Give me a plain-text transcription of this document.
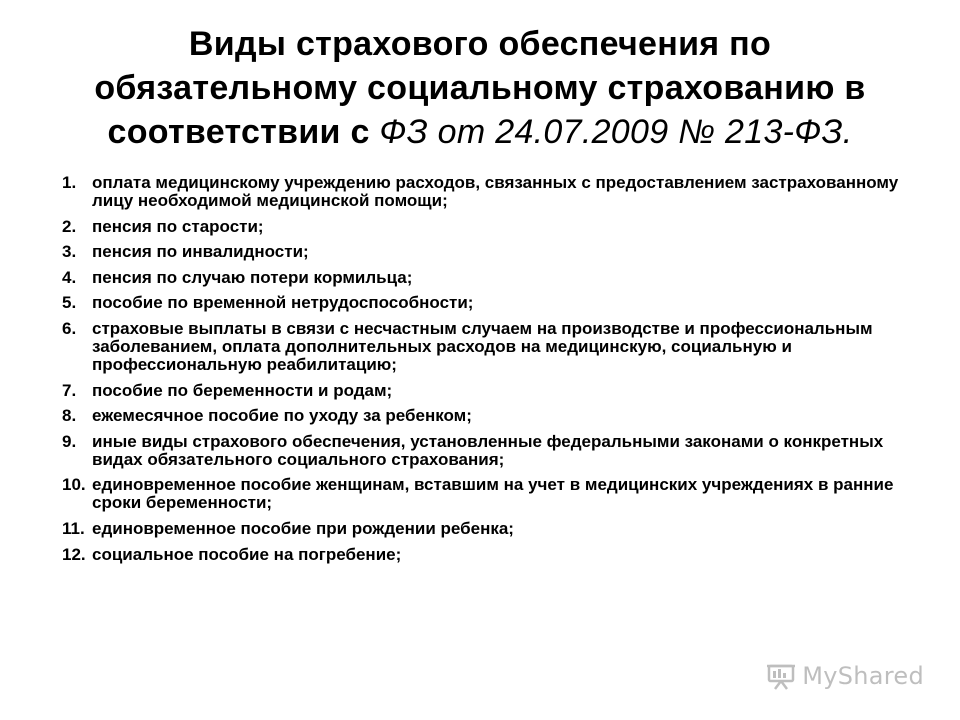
Виды страхового обеспечения по
обязательному социальному страхованию в
соответствии с ФЗ от 24.07.2009 № 213-ФЗ.
1. оплата медицинскому учреждению расходов, связанных с предоставлением застрахованному лицу необходимой медицинской помощи;
2. пенсия по старости;
3. пенсия по инвалидности;
4. пенсия по случаю потери кормильца;
5. пособие по временной нетрудоспособности;
6. страховые выплаты в связи с несчастным случаем на производстве и профессиональным заболеванием, оплата дополнительных расходов на медицинскую, социальную и профессиональную реабилитацию;
7. пособие по беременности и родам;
8. ежемесячное пособие по уходу за ребенком;
9. иные виды страхового обеспечения, установленные федеральными законами о конкретных видах обязательного социального страхования;
10. единовременное пособие женщинам, вставшим на учет в медицинских учреждениях в ранние сроки беременности;
11. единовременное пособие при рождении ребенка;
12. социальное пособие на погребение;
MyShared
